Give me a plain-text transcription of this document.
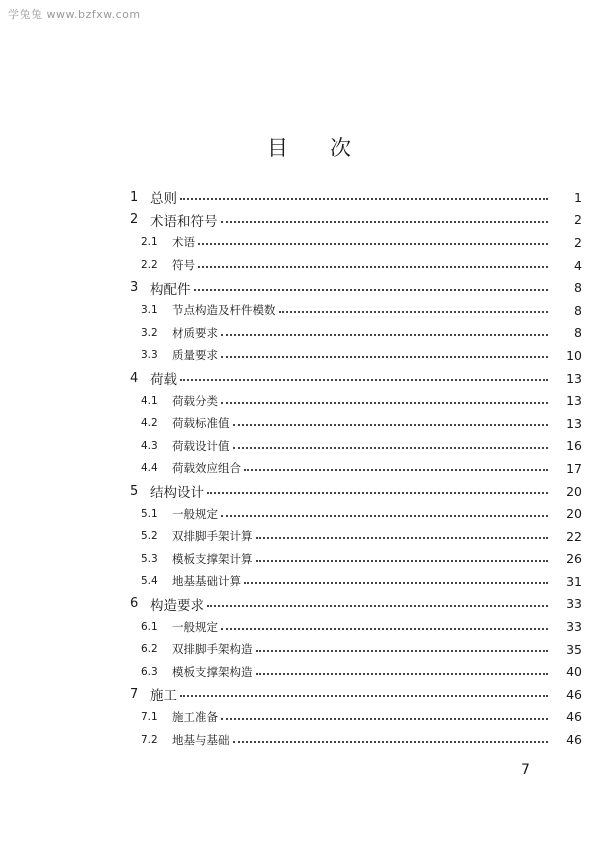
学兔兔 www.bzfxw.com
目次
1 总则	1
2 术语和符号	2
2.1 术语	2
2.2 符号	4
3 构配件	8
3.1 节点构造及杆件模数	8
3.2 材质要求	8
3.3 质量要求	10
4 荷载	13
4.1 荷载分类	13
4.2 荷载标准值	13
4.3 荷载设计值	16
4.4 荷载效应组合	17
5 结构设计	20
5.1 一般规定	20
5.2 双排脚手架计算	22
5.3 模板支撑架计算	26
5.4 地基基础计算	31
6 构造要求	33
6.1 一般规定	33
6.2 双排脚手架构造	35
6.3 模板支撑架构造	40
7 施工	46
7.1 施工准备	46
7.2 地基与基础	46
7
